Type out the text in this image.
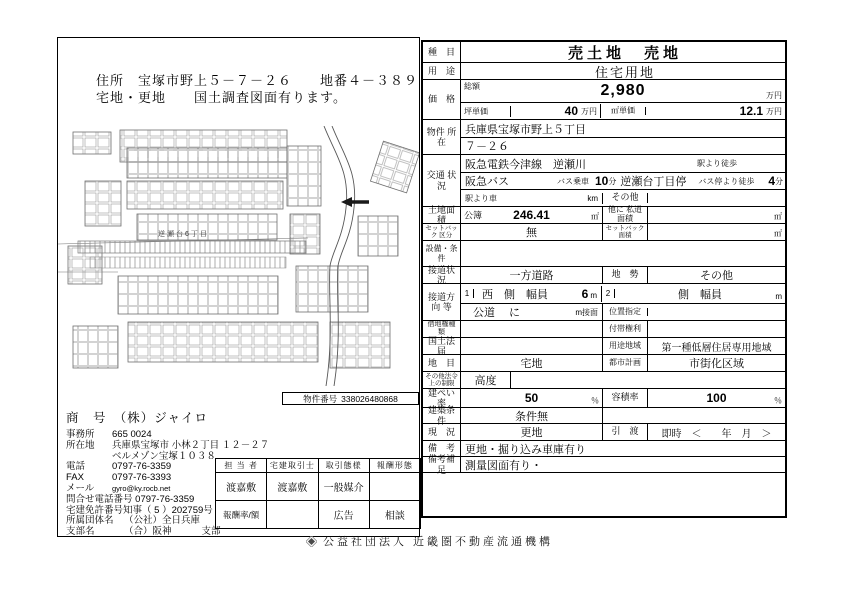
住所　宝塚市野上５－７－２６　　地番４－３８９
宅地・更地　　国土調査図面有ります。
逆瀬台6丁目
物件番号 338026480868
商　号　 （株）ジャイロ
事務所 665 0024
所在地 兵庫県宝塚市 小林２丁目 １２－２７
ベルメゾン宝塚１０３８
電話	0797-76-3359
FAX	0797-76-3393
メール gyro@ky.rocb.net
問合せ電話番号 0797-76-3359
宅建免許番号知事（ 5 ）202759号
所属団体名 （公社）全日兵庫
支部名	（合）阪神	支部
担 当 者	宅建取引士	取引態様	報酬形態
渡嘉敷	渡嘉敷	一般媒介	
報酬率/額		広告	相談
種　目	売土地　売地
用　途	住宅用地
価　格
総額	2,980	万円
坪単価	40 万円	㎡単価	12.1 万円
物件 所在
兵庫県宝塚市野上５丁目
７－２６
交通 状況
阪急電鉄今津線　逆瀬川	駅より徒歩
阪急バス	バス乗車 10 分 逆瀬台丁目停 バス停より徒歩 4 分
駅より車	km	その他
土地面積	公簿	246.41	㎡
他に 私道面積	㎡
セットバック 区分	無	セットバック 面積	㎡
設備・条件
接道状況	一方道路	地　勢	その他
接道方向 等
1	西　側　幅員	6 m	2	側　幅員	m
公道 に	m接面	位置指定
借地権種類	付帯権利
国土法届
用途地域	第一種低層住居専用地域
地　目	宅地	都市計画	市街化区域
その他法令 上の制限	高度
建ぺい率	50	％	容積率	100	％
建築条件	条件無
現　況	更地	引　渡	即時　＜　　年　月　＞
備　考 更地・掘り込み車庫有り
備考補足	測量図面有り・
公益社団法人 近畿圏不動産流通機構
